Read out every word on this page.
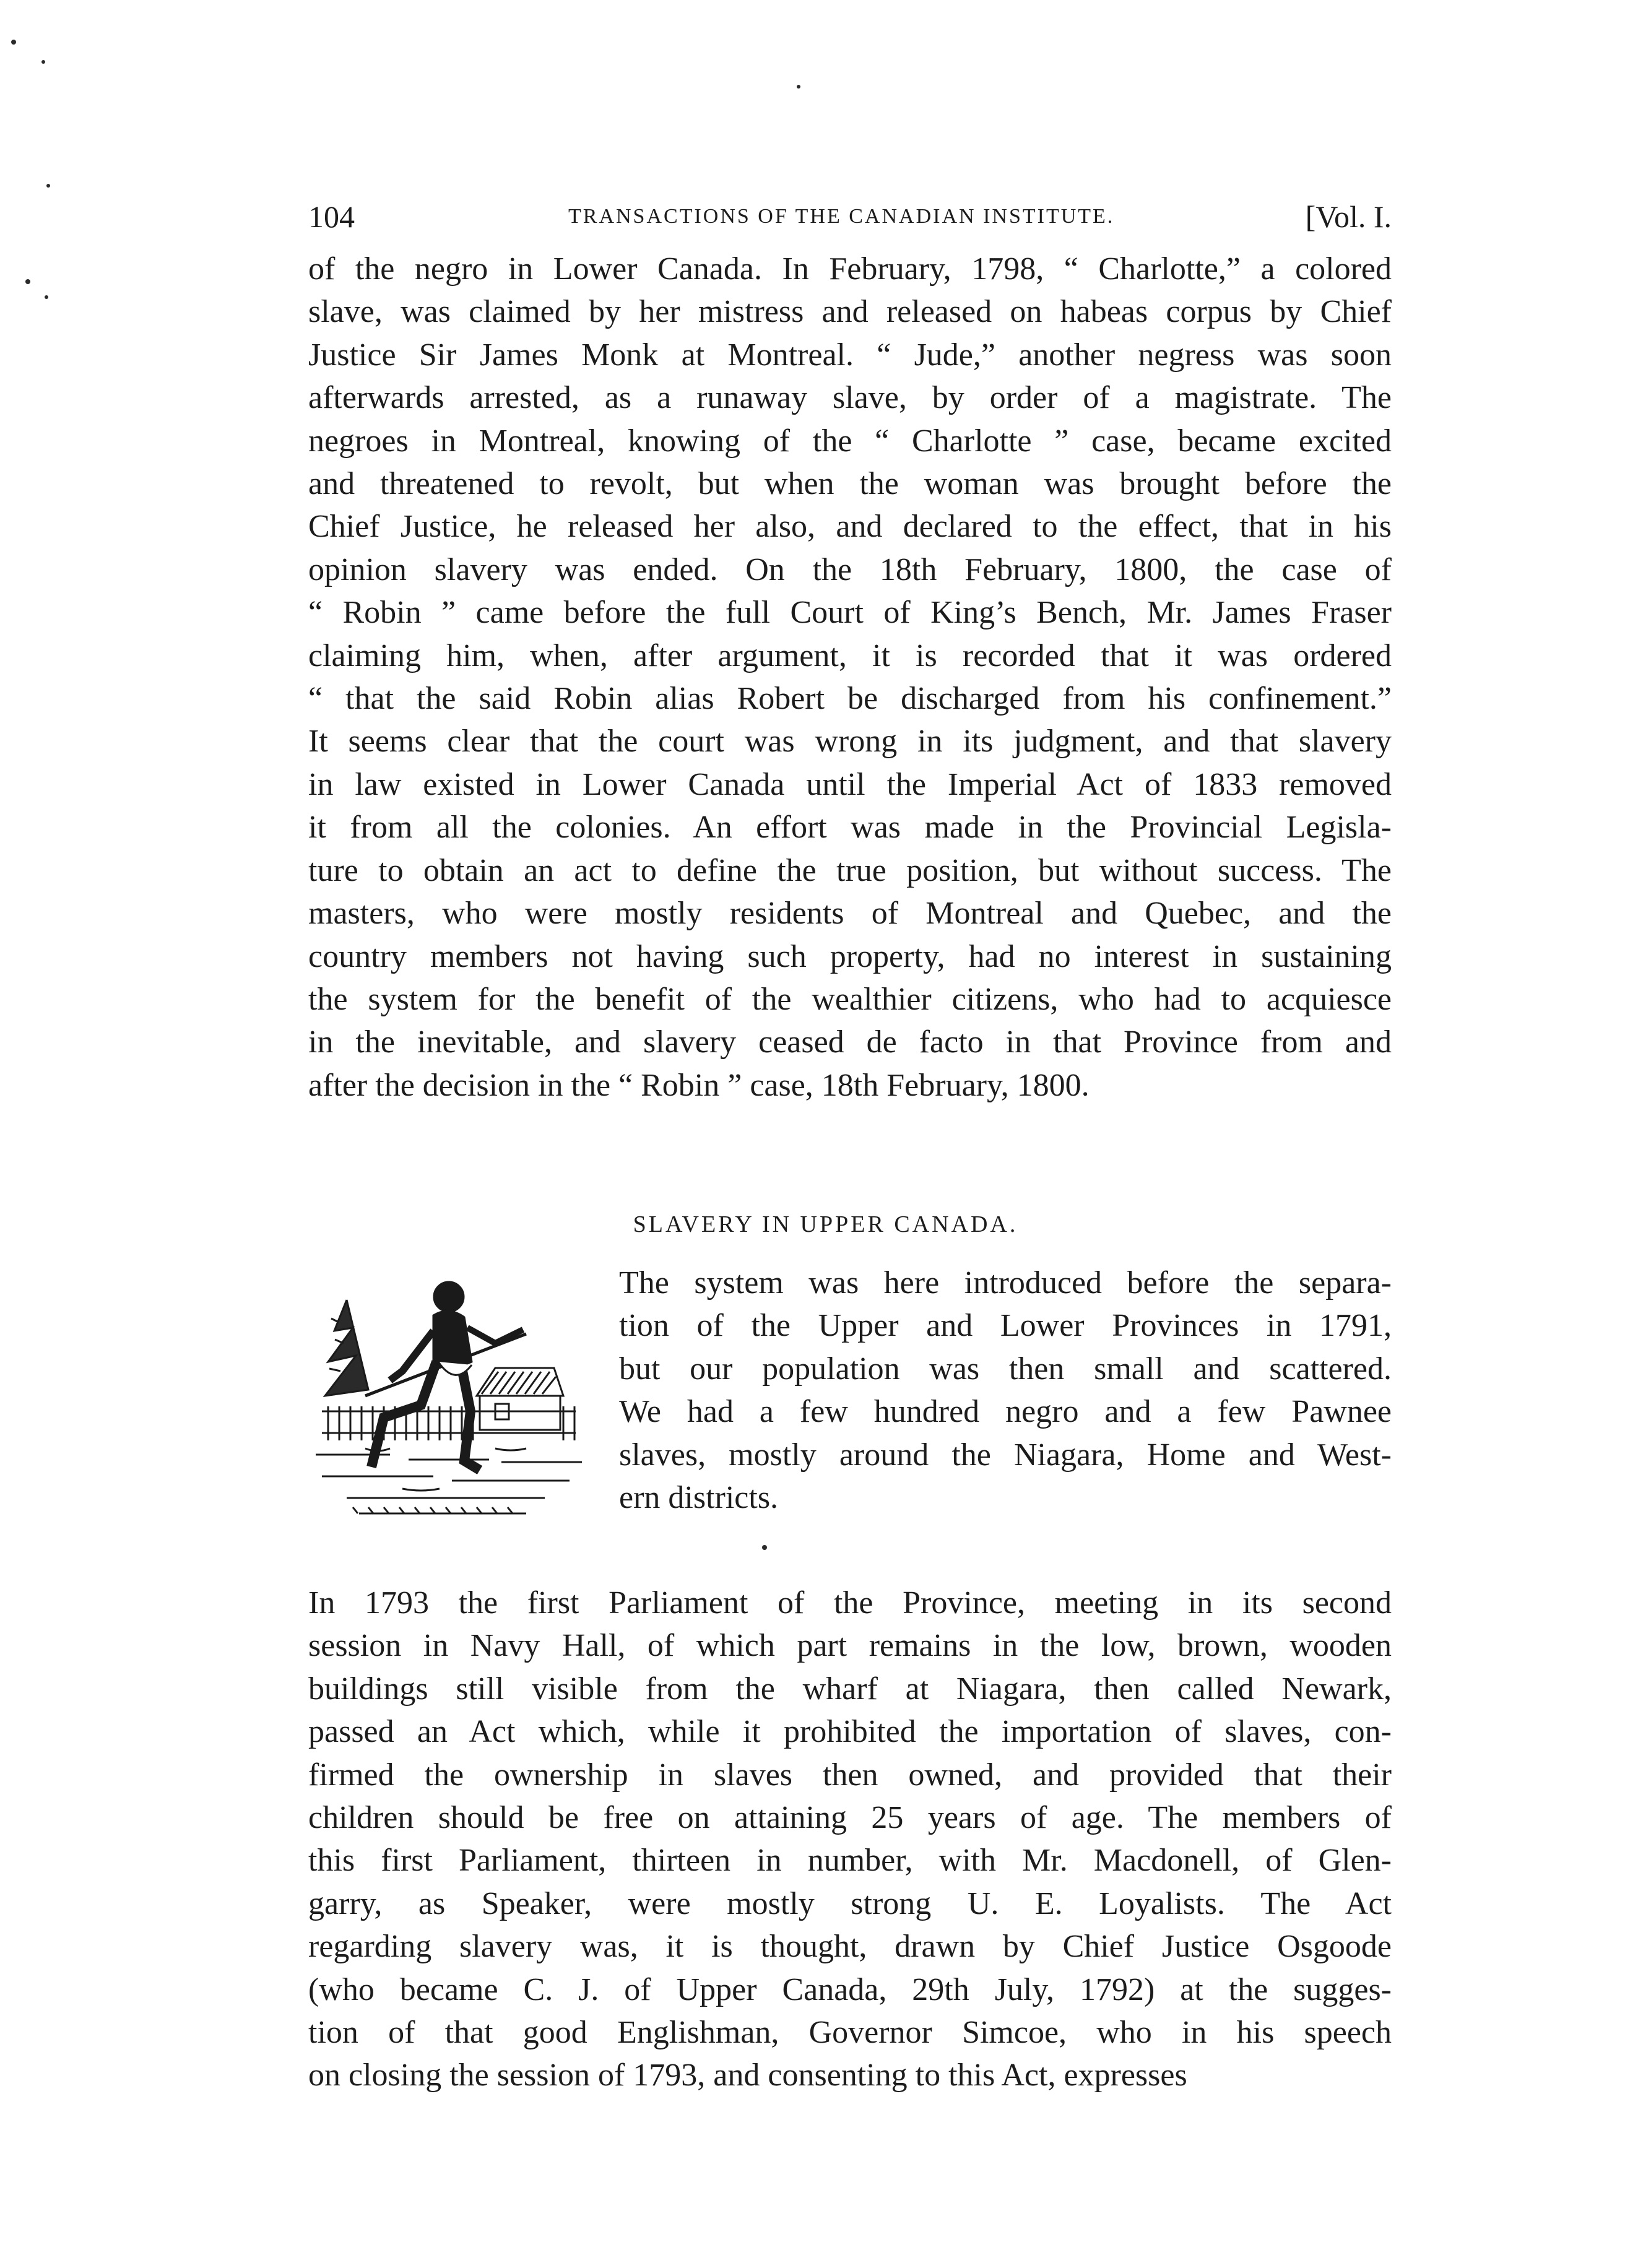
104	TRANSACTIONS OF THE CANADIAN INSTITUTE.	[Vol. I.
of the negro in Lower Canada. In February, 1798, “ Charlotte,” a colored
slave, was claimed by her mistress and released on habeas corpus by Chief
Justice Sir James Monk at Montreal. “ Jude,” another negress was soon
afterwards arrested, as a runaway slave, by order of a magistrate. The
negroes in Montreal, knowing of the “ Charlotte ” case, became excited
and threatened to revolt, but when the woman was brought before the
Chief Justice, he released her also, and declared to the effect, that in his
opinion slavery was ended. On the 18th February, 1800, the case of
“ Robin ” came before the full Court of King’s Bench, Mr. James Fraser
claiming him, when, after argument, it is recorded that it was ordered
“ that the said Robin alias Robert be discharged from his confinement.”
It seems clear that the court was wrong in its judgment, and that slavery
in law existed in Lower Canada until the Imperial Act of 1833 removed
it from all the colonies. An effort was made in the Provincial Legisla-
ture to obtain an act to define the true position, but without success. The
masters, who were mostly residents of Montreal and Quebec, and the
country members not having such property, had no interest in sustaining
the system for the benefit of the wealthier citizens, who had to acquiesce
in the inevitable, and slavery ceased de facto in that Province from and
after the decision in the “ Robin ” case, 18th February, 1800.
SLAVERY IN UPPER CANADA.
The system was here introduced before the separa-
tion of the Upper and Lower Provinces in 1791,
but our population was then small and scattered.
We had a few hundred negro and a few Pawnee
slaves, mostly around the Niagara, Home and West-
ern districts.
In 1793 the first Parliament of the Province, meeting in its second
session in Navy Hall, of which part remains in the low, brown, wooden
buildings still visible from the wharf at Niagara, then called Newark,
passed an Act which, while it prohibited the importation of slaves, con-
firmed the ownership in slaves then owned, and provided that their
children should be free on attaining 25 years of age. The members of
this first Parliament, thirteen in number, with Mr. Macdonell, of Glen-
garry, as Speaker, were mostly strong U. E. Loyalists. The Act
regarding slavery was, it is thought, drawn by Chief Justice Osgoode
(who became C. J. of Upper Canada, 29th July, 1792) at the sugges-
tion of that good Englishman, Governor Simcoe, who in his speech
on closing the session of 1793, and consenting to this Act, expresses
